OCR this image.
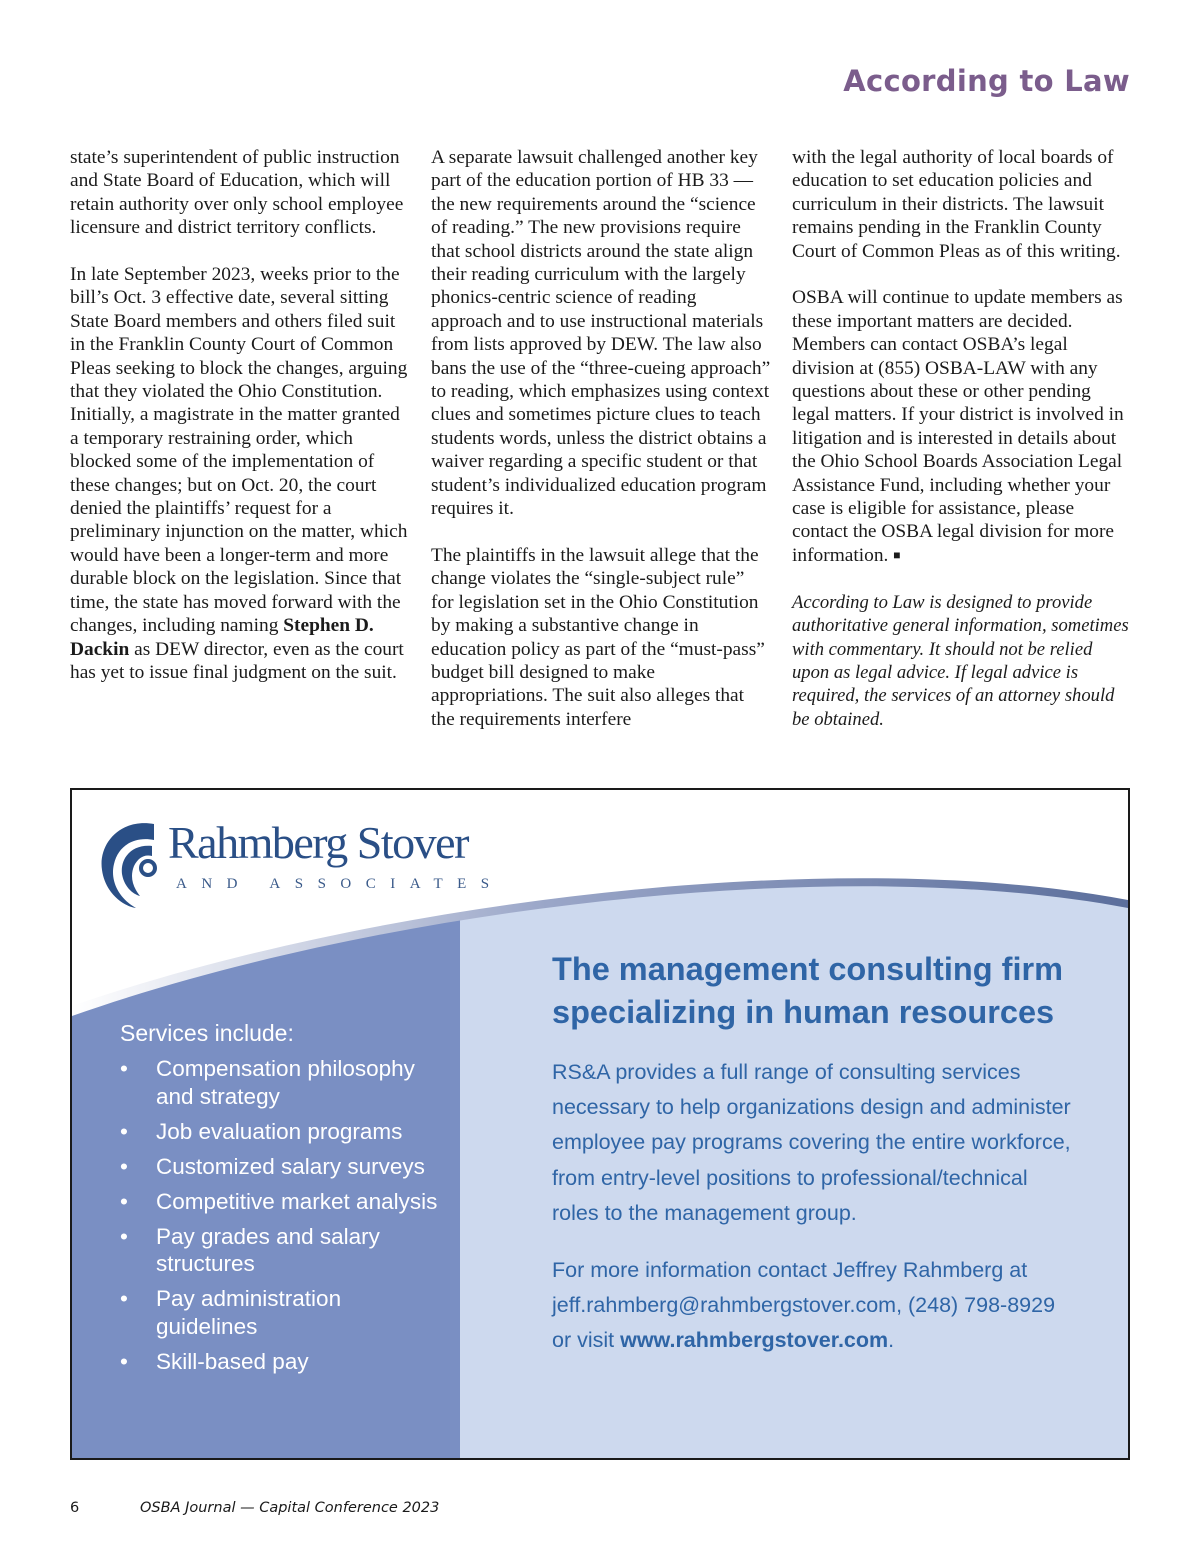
According to Law

state’s superintendent of public instruction and State Board of Education, which will retain authority over only school employee licensure and district territory conflicts.

In late September 2023, weeks prior to the bill’s Oct. 3 effective date, several sitting State Board members and others filed suit in the Franklin County Court of Common Pleas seeking to block the changes, arguing that they violated the Ohio Constitution. Initially, a magistrate in the matter granted a temporary restraining order, which blocked some of the implementation of these changes; but on Oct. 20, the court denied the plaintiffs’ request for a preliminary injunction on the matter, which would have been a longer-term and more durable block on the legislation. Since that time, the state has moved forward with the changes, including naming Stephen D. Dackin as DEW director, even as the court has yet to issue final judgment on the suit.

A separate lawsuit challenged another key part of the education portion of HB 33 — the new requirements around the “science of reading.” The new provisions require that school districts around the state align their reading curriculum with the largely phonics-centric science of reading approach and to use instructional materials from lists approved by DEW. The law also bans the use of the “three-cueing approach” to reading, which emphasizes using context clues and sometimes picture clues to teach students words, unless the district obtains a waiver regarding a specific student or that student’s individualized education program requires it.

The plaintiffs in the lawsuit allege that the change violates the “single-subject rule” for legislation set in the Ohio Constitution by making a substantive change in education policy as part of the “must-pass” budget bill designed to make appropriations. The suit also alleges that the requirements interfere

with the legal authority of local boards of education to set education policies and curriculum in their districts. The lawsuit remains pending in the Franklin County Court of Common Pleas as of this writing.

OSBA will continue to update members as these important matters are decided. Members can contact OSBA’s legal division at (855) OSBA-LAW with any questions about these or other pending legal matters. If your district is involved in litigation and is interested in details about the Ohio School Boards Association Legal Assistance Fund, including whether your case is eligible for assistance, please contact the OSBA legal division for more information. ■

According to Law is designed to provide authoritative general information, sometimes with commentary. It should not be relied upon as legal advice. If legal advice is required, the services of an attorney should be obtained.

Rahmberg Stover
AND ASSOCIATES
Services include:
• Compensation philosophy and strategy
• Job evaluation programs
• Customized salary surveys
• Competitive market analysis
• Pay grades and salary structures
• Pay administration guidelines
• Skill-based pay

The management consulting firm specializing in human resources

RS&A provides a full range of consulting services necessary to help organizations design and administer employee pay programs covering the entire workforce, from entry-level positions to professional/technical roles to the management group.

For more information contact Jeffrey Rahmberg at jeff.rahmberg@rahmbergstover.com, (248) 798-8929 or visit www.rahmbergstover.com.

6	OSBA Journal — Capital Conference 2023
